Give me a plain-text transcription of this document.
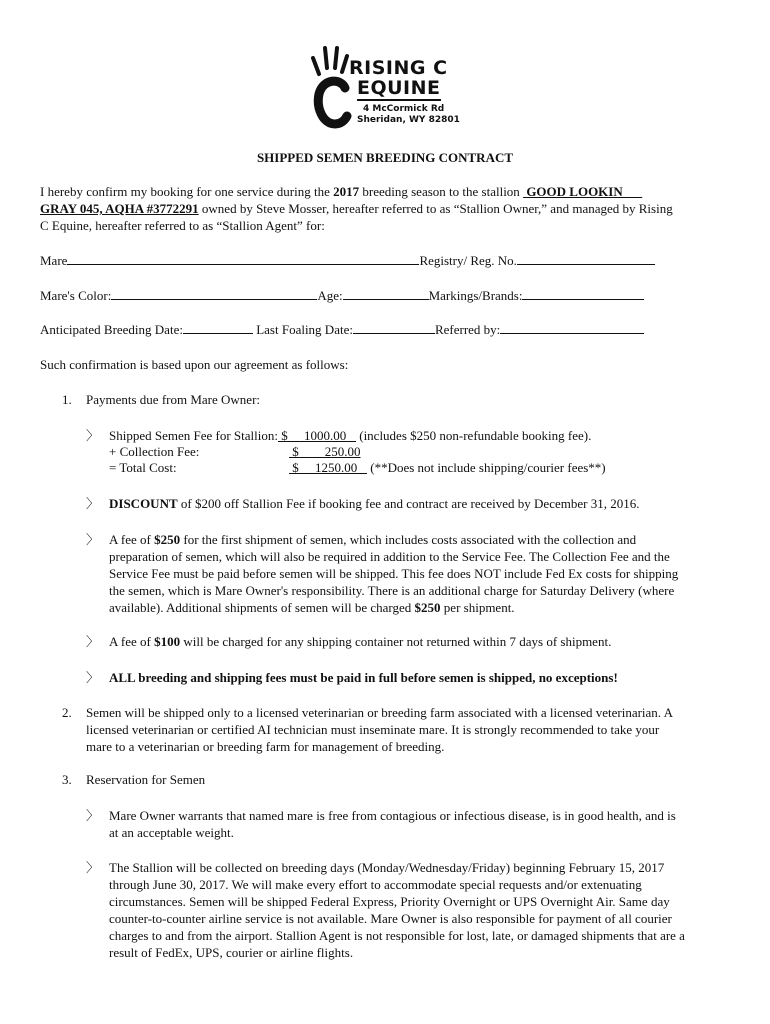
RISING C
EQUINE
4 McCormick Rd
Sheridan, WY 82801
SHIPPED SEMEN BREEDING CONTRACT
I hereby confirm my booking for one service during the 2017 breeding season to the stallion  GOOD LOOKIN
GRAY 045, AQHA #3772291 owned by Steve Mosser, hereafter referred to as “Stallion Owner,” and managed by Rising
C Equine, hereafter referred to as “Stallion Agent” for:
Mare	Registry/ Reg. No.
Mare's Color:	Age:	Markings/Brands:
Anticipated Breeding Date:	Last Foaling Date:	Referred by:
Such confirmation is based upon our agreement as follows:
1. Payments due from Mare Owner:
〉 Shipped Semen Fee for Stallion: $     1000.00    (includes $250 non-refundable booking fee).
+ Collection Fee:	$        250.00
= Total Cost:	$     1250.00    (**Does not include shipping/courier fees**)
〉 DISCOUNT of $200 off Stallion Fee if booking fee and contract are received by December 31, 2016.
〉 A fee of $250 for the first shipment of semen, which includes costs associated with the collection and
preparation of semen, which will also be required in addition to the Service Fee. The Collection Fee and the
Service Fee must be paid before semen will be shipped. This fee does NOT include Fed Ex costs for shipping
the semen, which is Mare Owner's responsibility. There is an additional charge for Saturday Delivery (where
available). Additional shipments of semen will be charged $250 per shipment.
〉 A fee of $100 will be charged for any shipping container not returned within 7 days of shipment.
〉 ALL breeding and shipping fees must be paid in full before semen is shipped, no exceptions!
2. Semen will be shipped only to a licensed veterinarian or breeding farm associated with a licensed veterinarian. A
licensed veterinarian or certified AI technician must inseminate mare. It is strongly recommended to take your
mare to a veterinarian or breeding farm for management of breeding.
3. Reservation for Semen
〉 Mare Owner warrants that named mare is free from contagious or infectious disease, is in good health, and is
at an acceptable weight.
〉 The Stallion will be collected on breeding days (Monday/Wednesday/Friday) beginning February 15, 2017
through June 30, 2017. We will make every effort to accommodate special requests and/or extenuating
circumstances. Semen will be shipped Federal Express, Priority Overnight or UPS Overnight Air. Same day
counter-to-counter airline service is not available. Mare Owner is also responsible for payment of all courier
charges to and from the airport. Stallion Agent is not responsible for lost, late, or damaged shipments that are a
result of FedEx, UPS, courier or airline flights.
